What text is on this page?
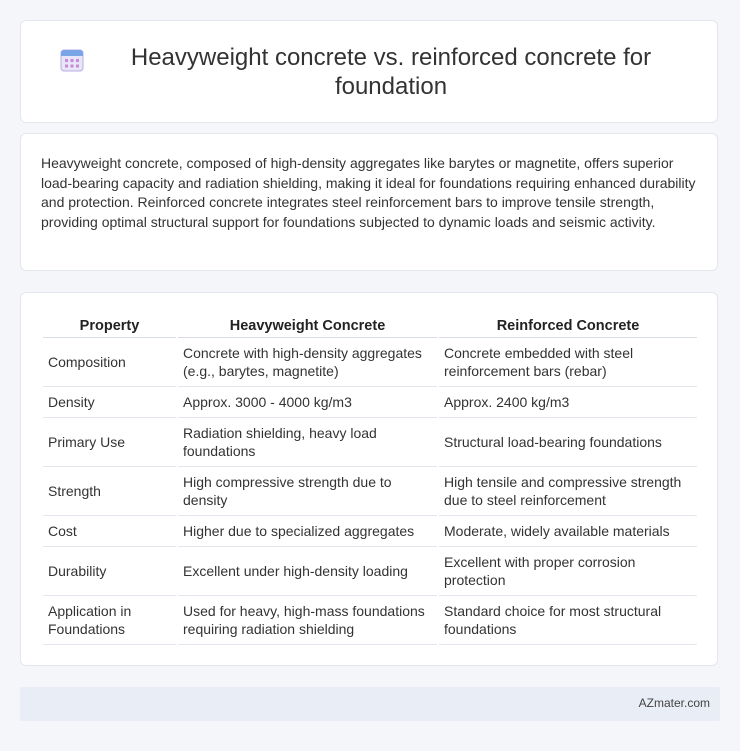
Heavyweight concrete vs. reinforced concrete for foundation

Heavyweight concrete, composed of high-density aggregates like barytes or magnetite, offers superior load-bearing capacity and radiation shielding, making it ideal for foundations requiring enhanced durability and protection. Reinforced concrete integrates steel reinforcement bars to improve tensile strength, providing optimal structural support for foundations subjected to dynamic loads and seismic activity.

Property	Heavyweight Concrete	Reinforced Concrete
Composition	Concrete with high-density aggregates (e.g., barytes, magnetite)	Concrete embedded with steel reinforcement bars (rebar)
Density	Approx. 3000 - 4000 kg/m3	Approx. 2400 kg/m3
Primary Use	Radiation shielding, heavy load foundations	Structural load-bearing foundations
Strength	High compressive strength due to density	High tensile and compressive strength due to steel reinforcement
Cost	Higher due to specialized aggregates	Moderate, widely available materials
Durability	Excellent under high-density loading	Excellent with proper corrosion protection
Application in Foundations	Used for heavy, high-mass foundations requiring radiation shielding	Standard choice for most structural foundations
AZmater.com
